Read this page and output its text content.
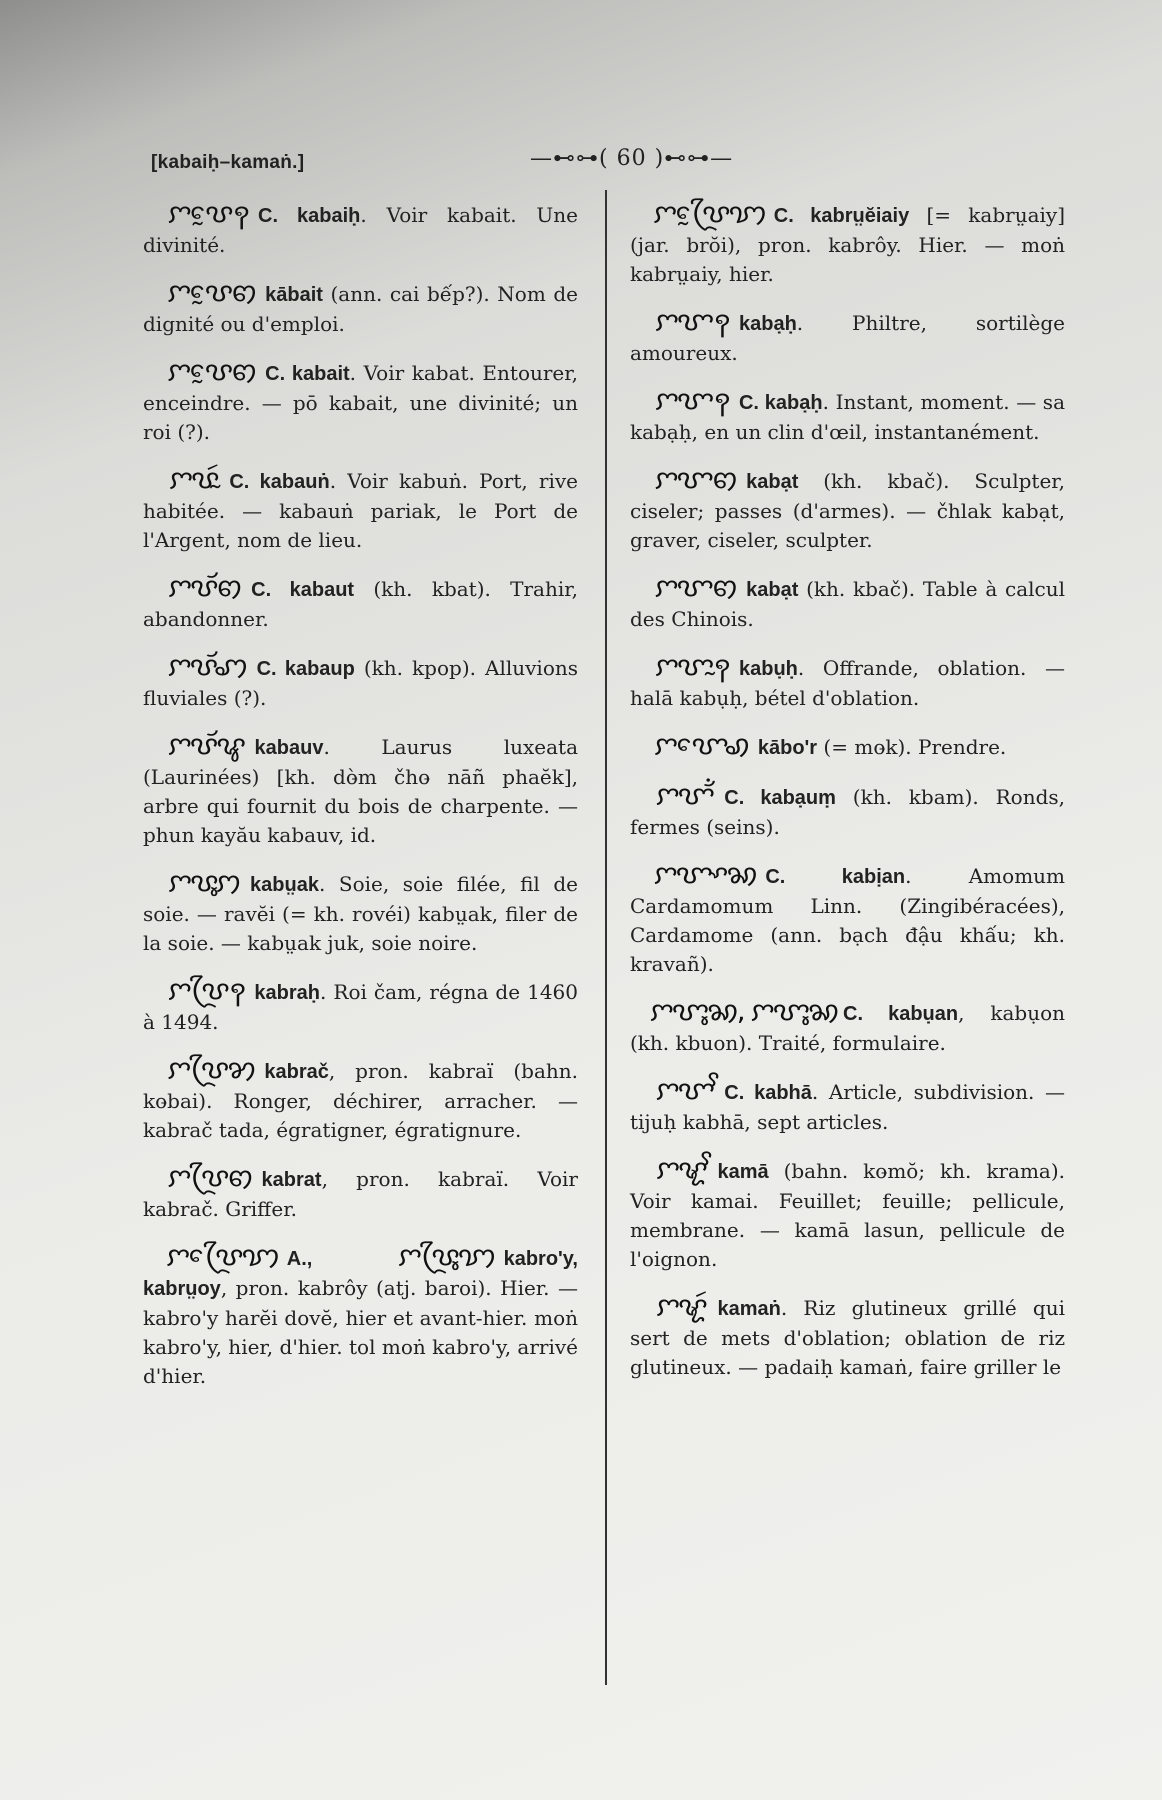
[kabaiḥ–kamaṅ.]	—⊷⊶( 60 )⊷⊶—

ꨆꨝꨰꩍ C. kabaiḥ. Voir kabait. Une divinité.

ꨆꨝꨰꩅ kābait (ann. cai bếp?). Nom de dignité ou d'emploi.

ꨆꨝꨰꩅ C. kabait. Voir kabat. Entourer, enceindre. — pō kabait, une divinité; un roi (?).

ꨆꨝꨭꩃ C. kabauṅ. Voir kabuṅ. Port, rive habitée. — kabauṅ pariak, le Port de l'Argent, nom de lieu.

ꨆꨝꨮꩅ C. kabaut (kh. kbat). Trahir, abandonner.

ꨆꨝꨮꩇ C. kabaup (kh. kpop). Alluvions fluviales (?).

ꨆꨝꨮꨥ kabauv. Laurus luxeata (Laurinées) [kh. dò̵m čho̵ nāñ phaĕk], arbre qui fournit du bois de charpente. — phun kayău kabauv, id.

ꨆꨝꨶꩀ kabṳak. Soie, soie filée, fil de soie. — ravĕi (= kh. rovéi) kabṳak, filer de la soie. — kabṳak juk, soie noire.

ꨆꨝꨴꩍ kabraḥ. Roi čam, régna de 1460 à 1494.

ꨆꨝꨴꩄ kabrač, pron. kabraï (bahn. ko̵bai). Ronger, déchirer, arracher. — kabrač tada, égratigner, égratignure.

ꨆꨝꨴꩅ kabrat, pron. kabraï. Voir kabrač. Griffer.

ꨆꨝꨴꨯꩈ A., ꨆꨝꨴꨶꩈ kabro'y, kabrṳoy, pron. kabrôy (atj. baroi). Hier. — kabro'y harĕi dovĕ, hier et avant-hier. moṅ kabro'y, hier, d'hier. tol moṅ kabro'y, arrivé d'hier.

ꨆꨝꨴꨰꩈ C. kabrṳĕiaiy [= kabrṳaiy] (jar. brŏi), pron. kabrôy. Hier. — moṅ kabrṳaiy, hier.

ꨆꨞꩍ kabạḥ. Philtre, sortilège amoureux.

ꨆꨞꩍ C. kabạḥ. Instant, moment. — sa kabạḥ, en un clin d'œil, instantanément.

ꨆꨞꩅ kabạt (kh. kbač). Sculpter, ciseler; passes (d'armes). — čhlak kabạt, graver, ciseler, sculpter.

ꨆꨞꩅ kabạt (kh. kbač). Table à calcul des Chinois.

ꨆꨞꨭꩍ kabụḥ. Offrande, oblation. — halā kabụḥ, bétel d'oblation.

ꨆꨞꨯꩉ kābo'r (= mo̵k). Prendre.

ꨆꨞꨮꩌ C. kabạuṃ (kh. kbam). Ronds, fermes (seins).

ꨆꨞꨳꩆ C. kabịan. Amomum Cardamomum Linn. (Zingibéracées), Cardamome (ann. bạch đậu khấu; kh. kravañ).

ꨆꨞꨶꩆ, ꨆꨞꨶꩆ C. kabụan, kabụon (kh. kbuon). Traité, formulaire.

ꨆꨞꨩ C. kabhā. Article, subdivision. — tijuḥ kabhā, sept articles.

ꨆꨠꨩ kamā (bahn. ko̵mŏ; kh. krama). Voir kamai. Feuillet; feuille; pellicule, membrane. — kamā lasun, pellicule de l'oignon.

ꨆꨠꩃ kamaṅ. Riz glutineux grillé qui sert de mets d'oblation; oblation de riz glutineux. — padaiḥ kamaṅ, faire griller le
